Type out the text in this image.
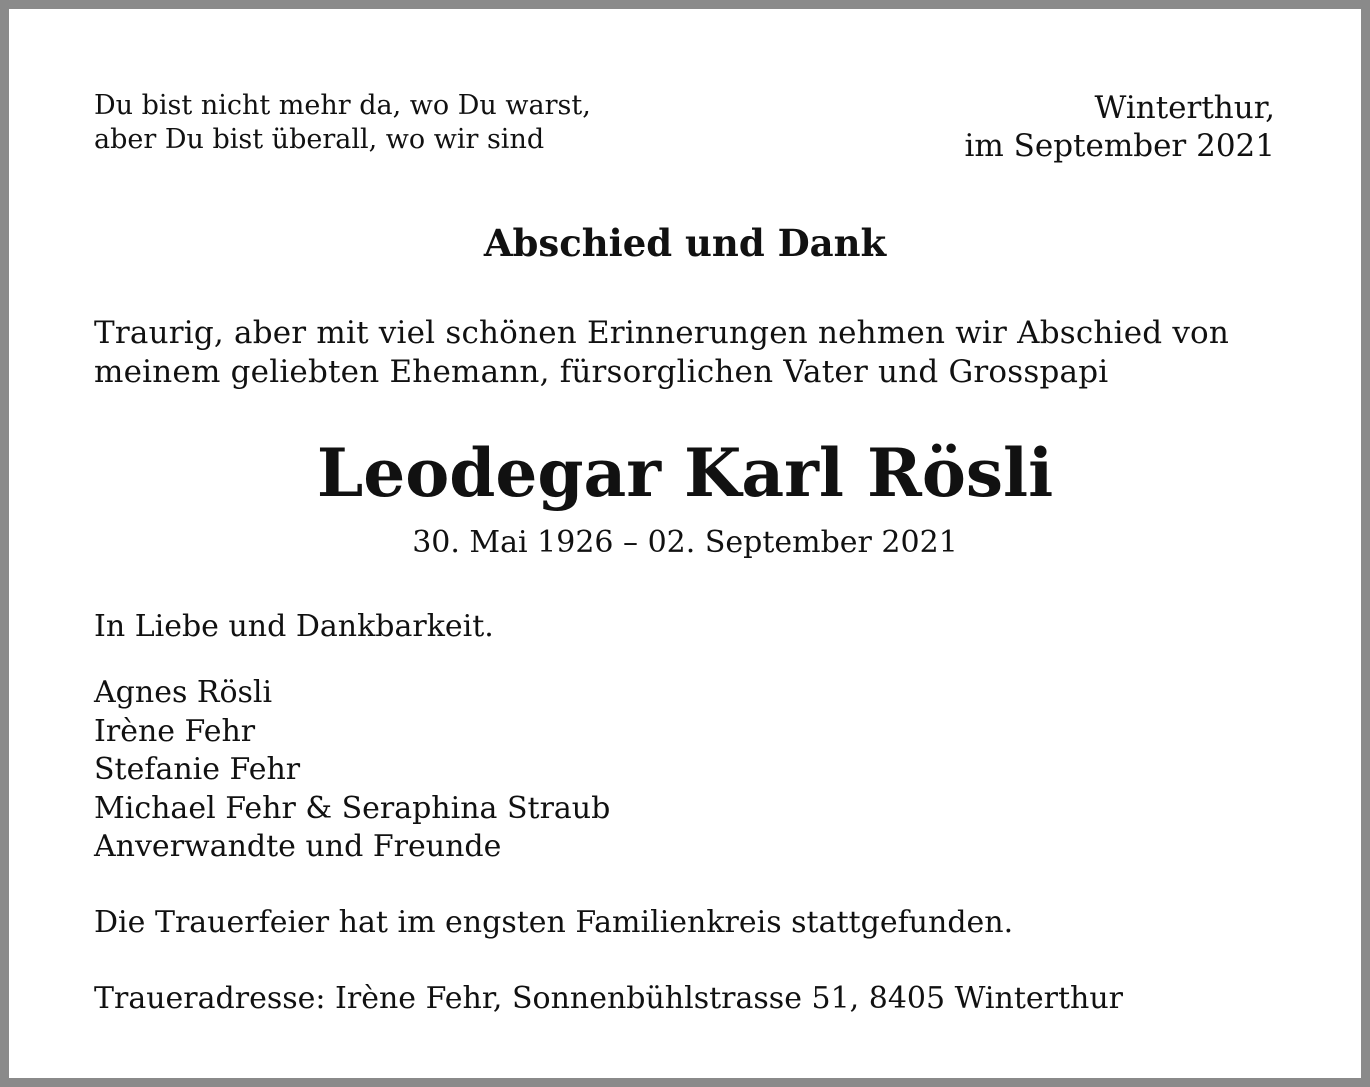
Du bist nicht mehr da, wo Du warst,
aber Du bist überall, wo wir sind
Winterthur,
im September 2021
Abschied und Dank
Traurig, aber mit viel schönen Erinnerungen nehmen wir Abschied von
meinem geliebten Ehemann, fürsorglichen Vater und Grosspapi
Leodegar Karl Rösli
30. Mai 1926 – 02. September 2021
In Liebe und Dankbarkeit.
Agnes Rösli
Irène Fehr
Stefanie Fehr
Michael Fehr & Seraphina Straub
Anverwandte und Freunde
Die Trauerfeier hat im engsten Familienkreis stattgefunden.
Traueradresse: Irène Fehr, Sonnenbühlstrasse 51, 8405 Winterthur
